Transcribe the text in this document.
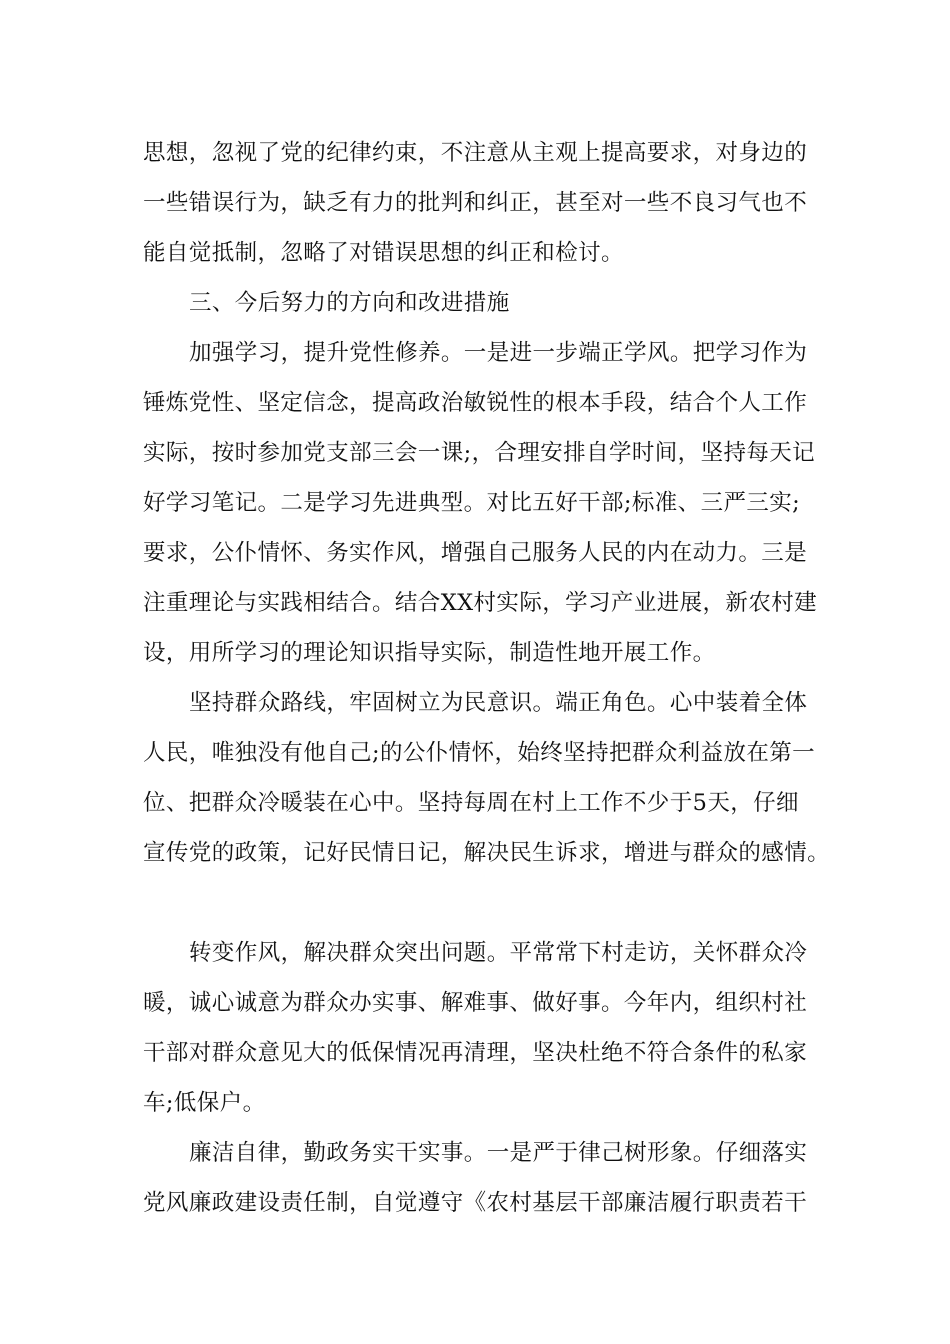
思想，忽视了党的纪律约束，不注意从主观上提高要求，对身边的
一些错误行为，缺乏有力的批判和纠正，甚至对一些不良习气也不
能自觉抵制，忽略了对错误思想的纠正和检讨。
三、今后努力的方向和改进措施
加强学习，提升党性修养。一是进一步端正学风。把学习作为
锤炼党性、坚定信念，提高政治敏锐性的根本手段，结合个人工作
实际，按时参加党支部三会一课;，合理安排自学时间，坚持每天记
好学习笔记。二是学习先进典型。对比五好干部;标准、三严三实;
要求，公仆情怀、务实作风，增强自己服务人民的内在动力。三是
注重理论与实践相结合。结合XX村实际，学习产业进展，新农村建
设，用所学习的理论知识指导实际，制造性地开展工作。
坚持群众路线，牢固树立为民意识。端正角色。心中装着全体
人民，唯独没有他自己;的公仆情怀，始终坚持把群众利益放在第一
位、把群众冷暖装在心中。坚持每周在村上工作不少于5天，仔细
宣传党的政策，记好民情日记，解决民生诉求，增进与群众的感情。
转变作风，解决群众突出问题。平常常下村走访，关怀群众冷
暖，诚心诚意为群众办实事、解难事、做好事。今年内，组织村社
干部对群众意见大的低保情况再清理，坚决杜绝不符合条件的私家
车;低保户。
廉洁自律，勤政务实干实事。一是严于律己树形象。仔细落实
党风廉政建设责任制，自觉遵守《农村基层干部廉洁履行职责若干
